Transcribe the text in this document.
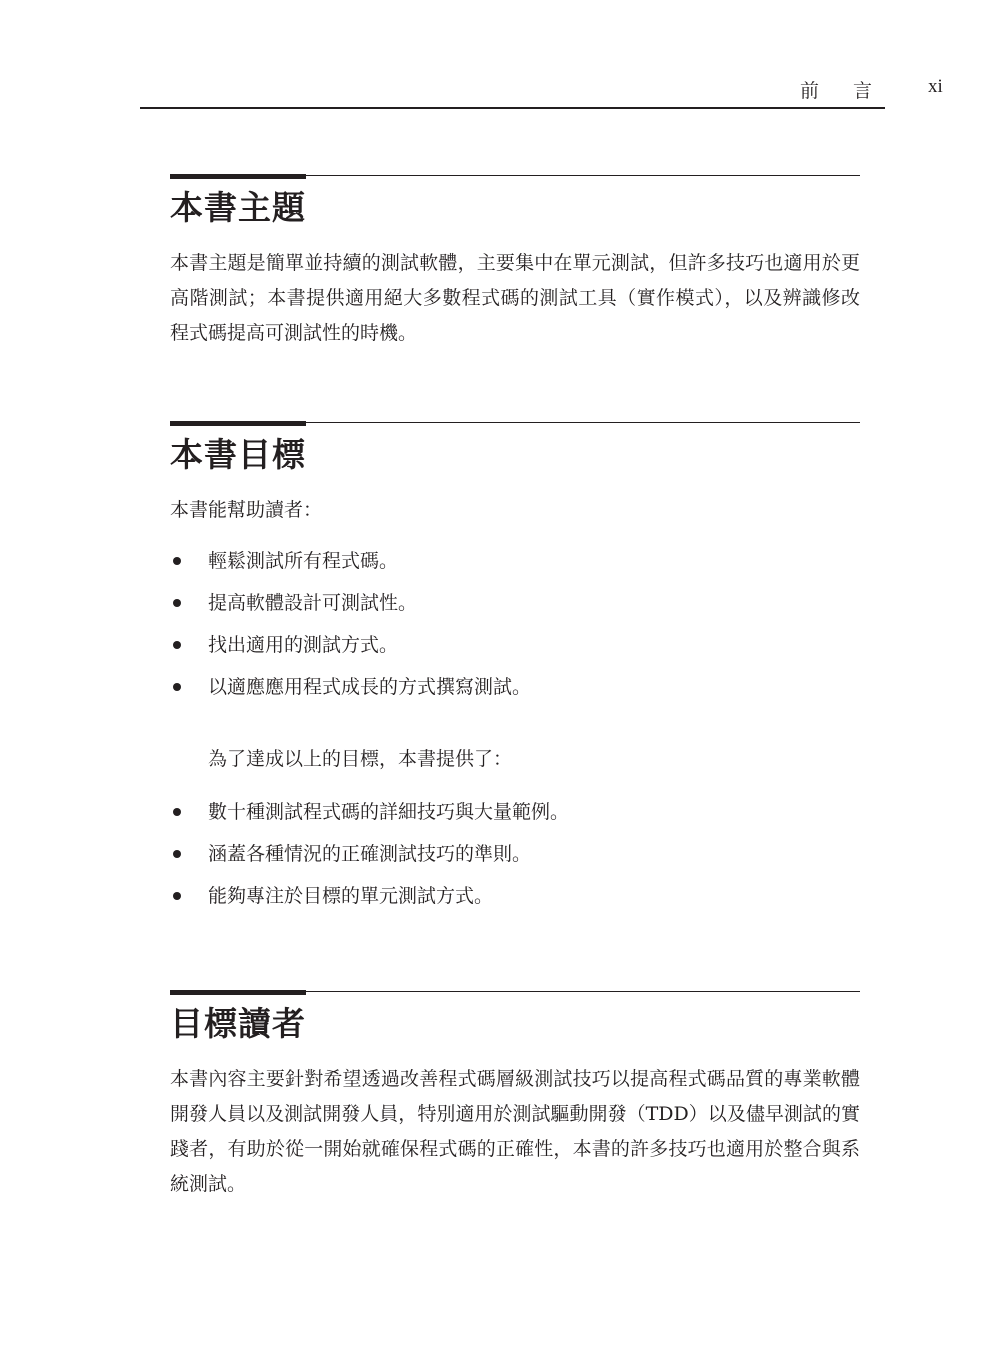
前 言 xi
本書主題

本書主題是簡單並持續的測試軟體，主要集中在單元測試，但許多技巧也適用於更高階測試；本書提供適用絕大多數程式碼的測試工具（實作模式），以及辨識修改程式碼提高可測試性的時機。

本書目標

本書能幫助讀者：

輕鬆測試所有程式碼。
提高軟體設計可測試性。
找出適用的測試方式。
以適應應用程式成長的方式撰寫測試。

為了達成以上的目標，本書提供了：

數十種測試程式碼的詳細技巧與大量範例。
涵蓋各種情況的正確測試技巧的準則。
能夠專注於目標的單元測試方式。
目標讀者

本書內容主要針對希望透過改善程式碼層級測試技巧以提高程式碼品質的專業軟體開發人員以及測試開發人員，特別適用於測試驅動開發（TDD）以及儘早測試的實踐者，有助於從一開始就確保程式碼的正確性，本書的許多技巧也適用於整合與系統測試。
